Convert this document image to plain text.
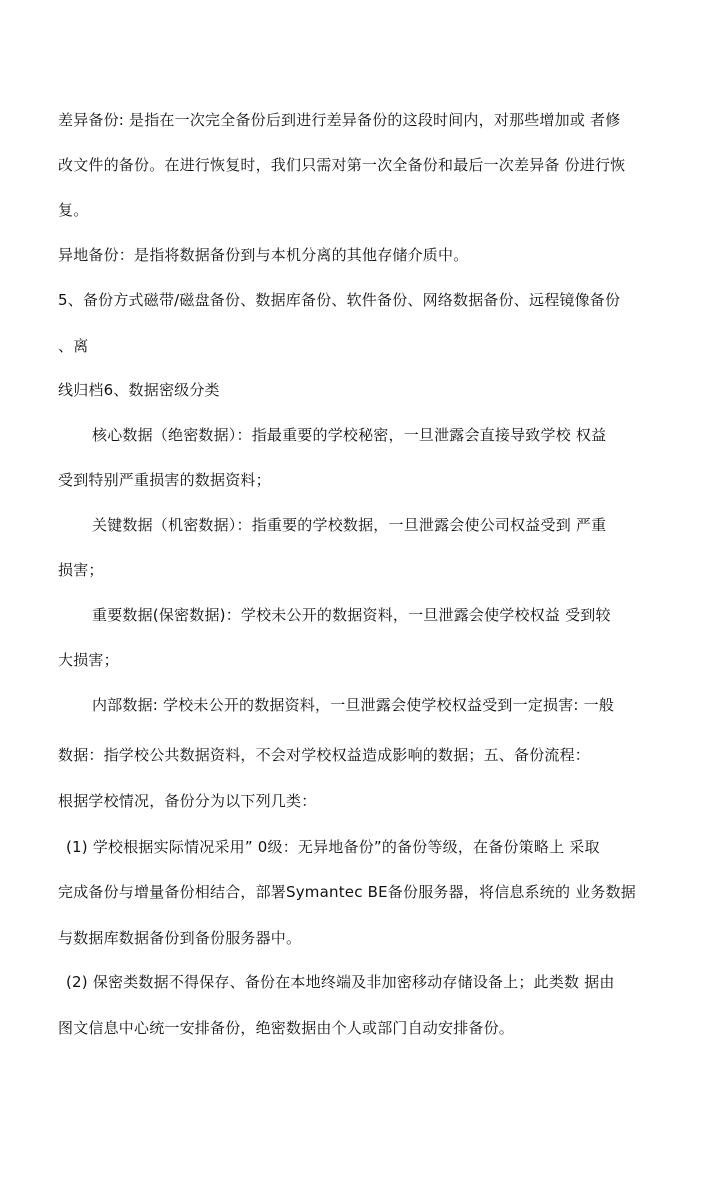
差异备份: 是指在一次完全备份后到进行差异备份的这段时间内，对那些增加或 者修
改文件的备份。在进行恢复时，我们只需对第一次全备份和最后一次差异备 份进行恢
复。
异地备份：是指将数据备份到与本机分离的其他存储介质中。
5、备份方式磁带/磁盘备份、数据库备份、软件备份、网络数据备份、远程镜像备份
、离
线归档6、数据密级分类
核心数据（绝密数据）：指最重要的学校秘密，一旦泄露会直接导致学校 权益
受到特别严重损害的数据资料；
关键数据（机密数据）：指重要的学校数据，一旦泄露会使公司权益受到 严重
损害；
重要数据(保密数据)：学校未公开的数据资料，一旦泄露会使学校权益 受到较
大损害；
内部数据: 学校未公开的数据资料，一旦泄露会使学校权益受到一定损害: 一般
数据：指学校公共数据资料，不会对学校权益造成影响的数据；五、备份流程：
根据学校情况，备份分为以下列几类：
(1) 学校根据实际情况采用” 0级：无异地备份”的备份等级，在备份策略上 采取
完成备份与增量备份相结合，部署Symantec BE备份服务器，将信息系统的 业务数据
与数据库数据备份到备份服务器中。
(2) 保密类数据不得保存、备份在本地终端及非加密移动存储设备上；此类数 据由
图文信息中心统一安排备份，绝密数据由个人或部门自动安排备份。
